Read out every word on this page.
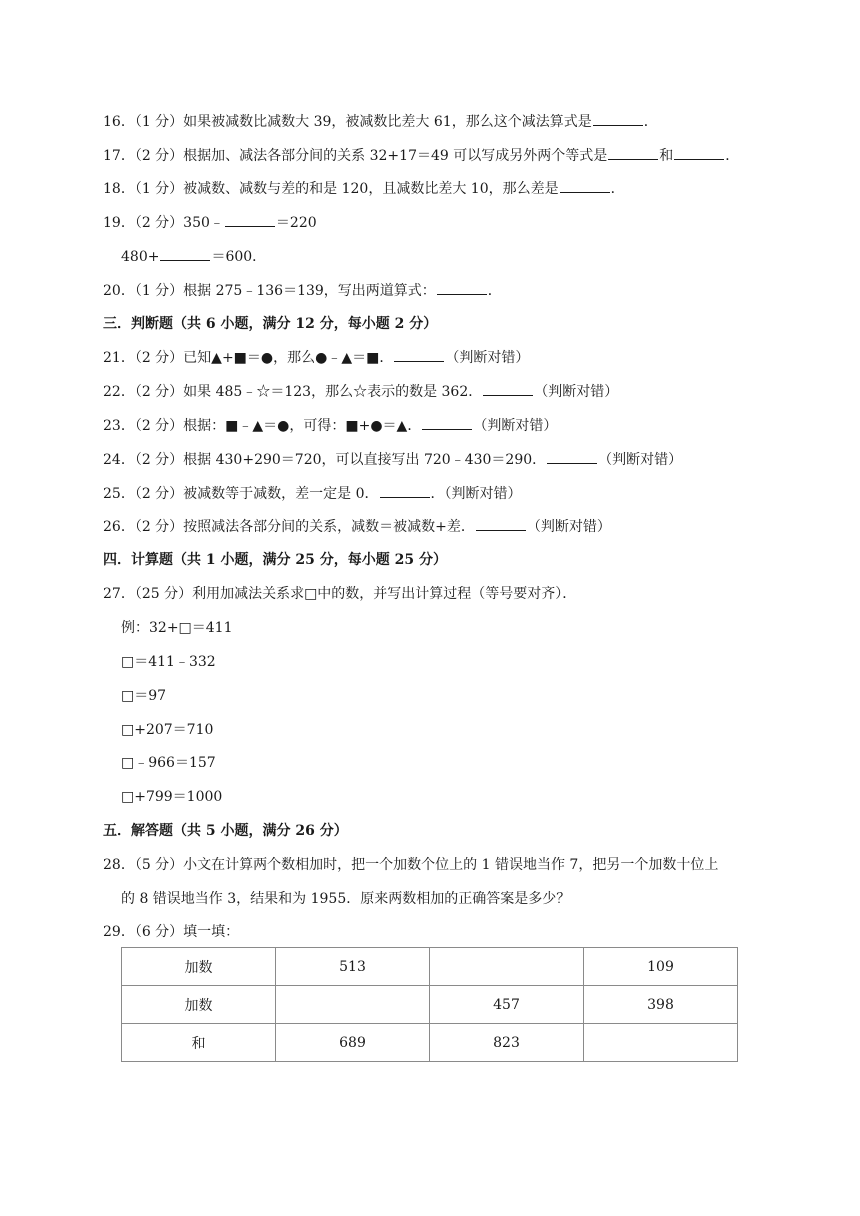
16．（1 分）如果被减数比减数大 39，被减数比差大 61，那么这个减法算式是	．
17．（2 分）根据加、减法各部分间的关系 32+17＝49 可以写成另外两个等式是	和	．
18．（1 分）被减数、减数与差的和是 120，且减数比差大 10，那么差是	．
19．（2 分）350﹣	＝220
480+	＝600．
20．（1 分）根据 275﹣136＝139，写出两道算式：	．
三．判断题（共 6 小题，满分 12 分，每小题 2 分）
21．（2 分）已知▲+■＝●，那么●﹣▲＝■．	（判断对错）
22．（2 分）如果 485﹣☆＝123，那么☆表示的数是 362．	（判断对错）
23．（2 分）根据：■﹣▲＝●，可得：■+●＝▲．	（判断对错）
24．（2 分）根据 430+290＝720，可以直接写出 720﹣430＝290．	（判断对错）
25．（2 分）被减数等于减数，差一定是 0．	．（判断对错）
26．（2 分）按照减法各部分间的关系，减数＝被减数+差．	（判断对错）
四．计算题（共 1 小题，满分 25 分，每小题 25 分）
27．（25 分）利用加减法关系求□中的数，并写出计算过程（等号要对齐）．
例：32+□＝411
□＝411﹣332
□＝97
□+207＝710
□﹣966＝157
□+799＝1000
五．解答题（共 5 小题，满分 26 分）
28．（5 分）小文在计算两个数相加时，把一个加数个位上的 1 错误地当作 7，把另一个加数十位上
的 8 错误地当作 3，结果和为 1955．原来两数相加的正确答案是多少？
29．（6 分）填一填：
加数	513		109
加数		457	398
和	689	823	
